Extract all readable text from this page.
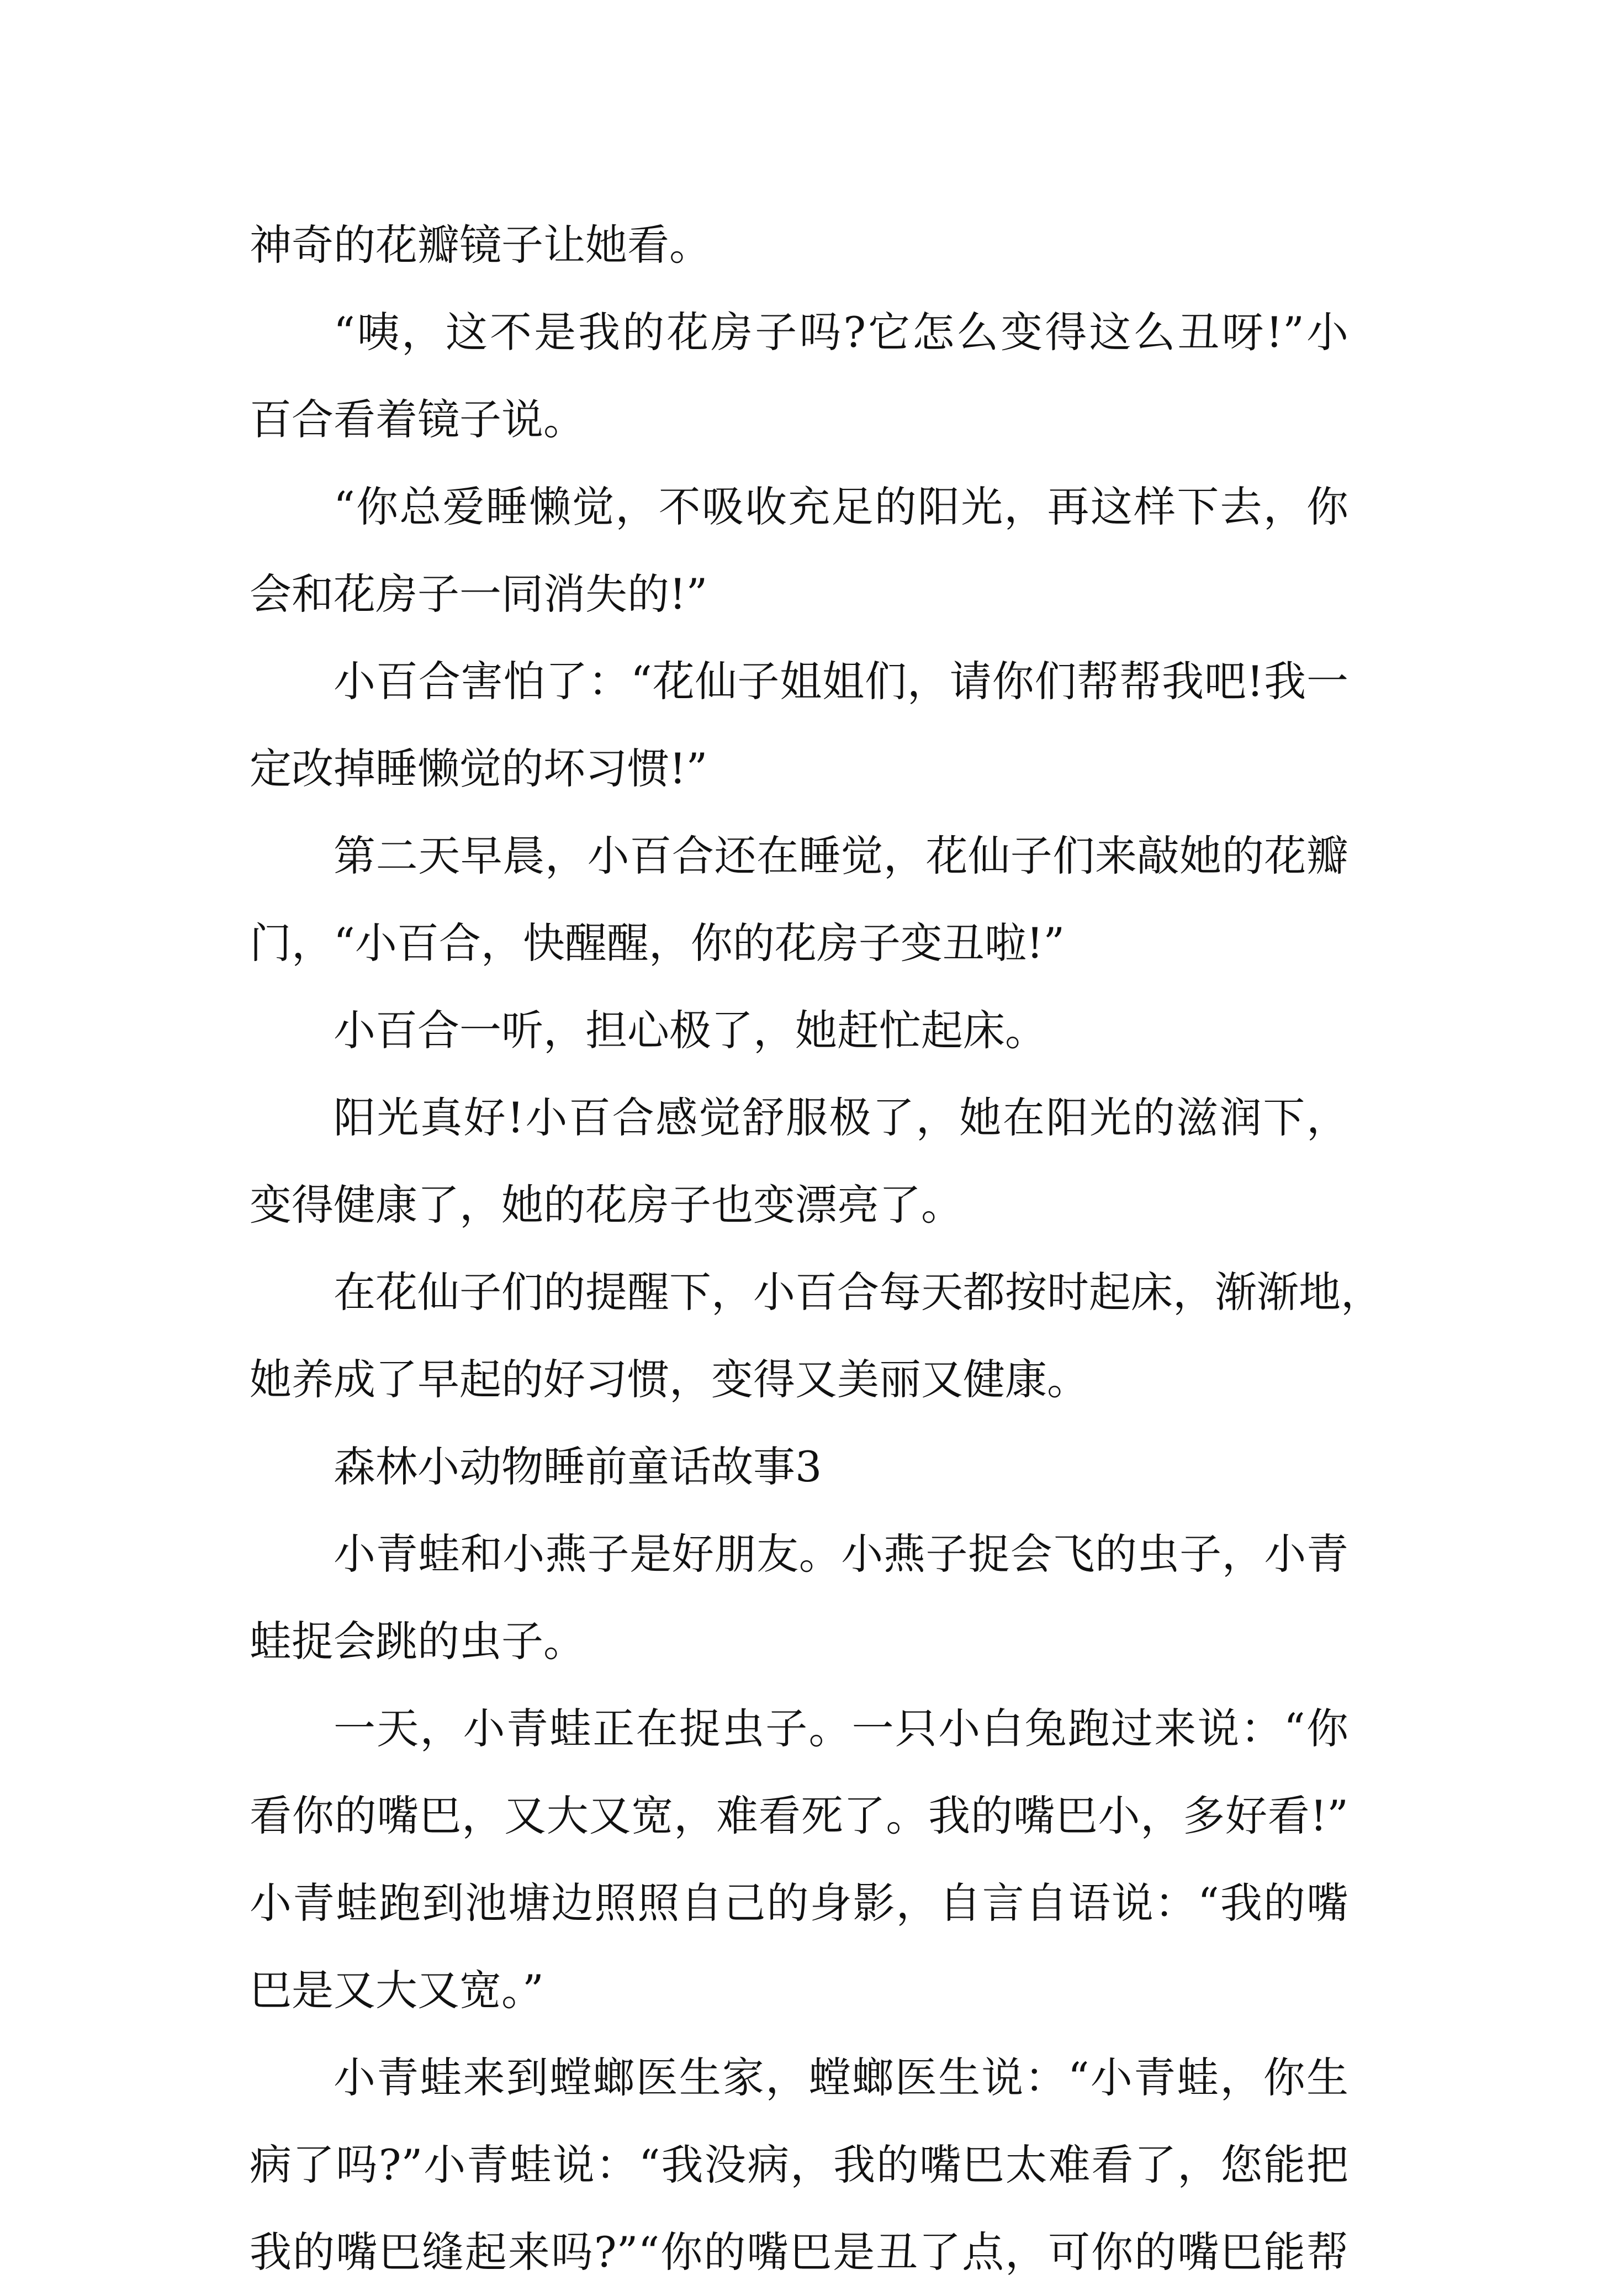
神奇的花瓣镜子让她看。
“咦，这不是我的花房子吗?它怎么变得这么丑呀!”小
百合看着镜子说。
“你总爱睡懒觉，不吸收充足的阳光，再这样下去，你
会和花房子一同消失的!”
小百合害怕了：“花仙子姐姐们，请你们帮帮我吧!我一
定改掉睡懒觉的坏习惯!”
第二天早晨，小百合还在睡觉，花仙子们来敲她的花瓣
门，“小百合，快醒醒，你的花房子变丑啦!”
小百合一听，担心极了，她赶忙起床。
阳光真好!小百合感觉舒服极了，她在阳光的滋润下，
变得健康了，她的花房子也变漂亮了。
在花仙子们的提醒下，小百合每天都按时起床，渐渐地，
她养成了早起的好习惯，变得又美丽又健康。
森林小动物睡前童话故事3
小青蛙和小燕子是好朋友。小燕子捉会飞的虫子，小青
蛙捉会跳的虫子。
一天，小青蛙正在捉虫子。一只小白兔跑过来说：“你
看你的嘴巴，又大又宽，难看死了。我的嘴巴小，多好看!”
小青蛙跑到池塘边照照自己的身影，自言自语说：“我的嘴
巴是又大又宽。”
小青蛙来到螳螂医生家，螳螂医生说：“小青蛙，你生
病了吗?”小青蛙说：“我没病，我的嘴巴太难看了，您能把
我的嘴巴缝起来吗?”“你的嘴巴是丑了点，可你的嘴巴能帮
